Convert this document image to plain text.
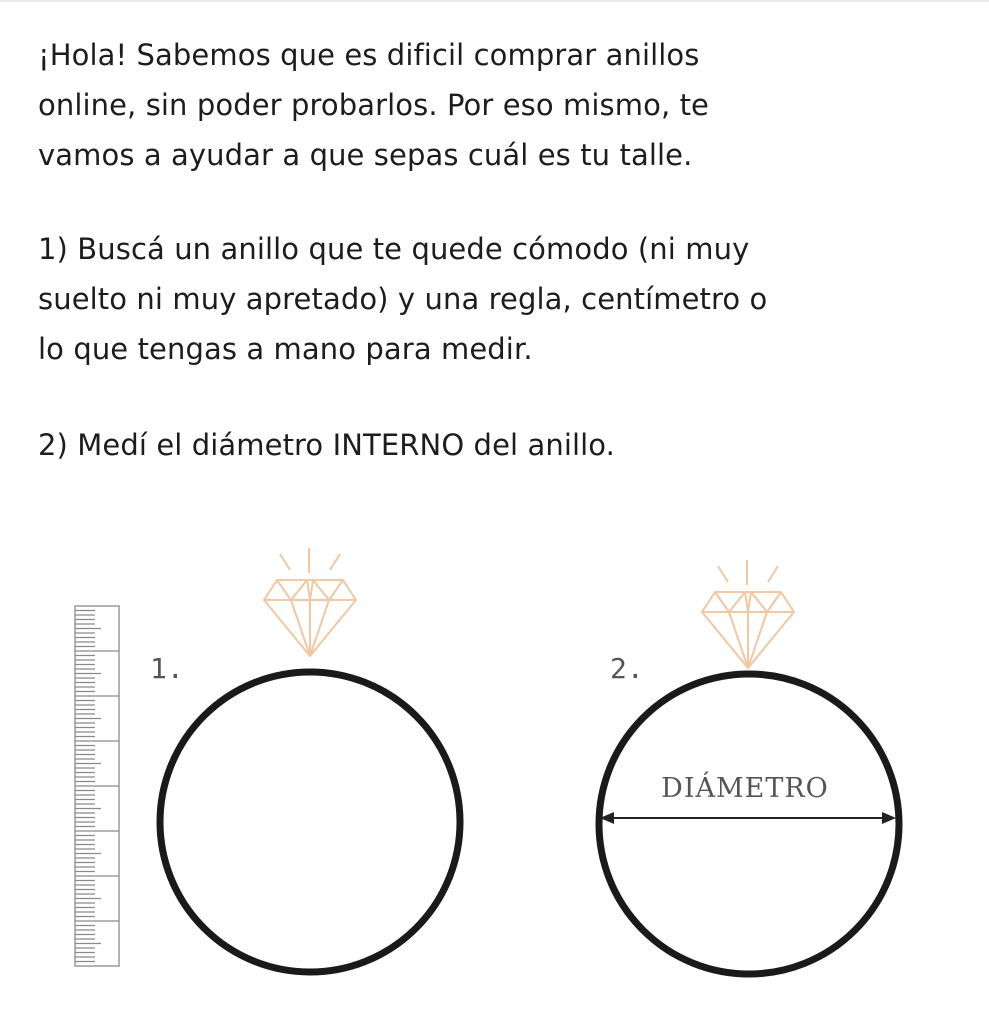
¡Hola! Sabemos que es dificil comprar anillos
online, sin poder probarlos. Por eso mismo, te
vamos a ayudar a que sepas cuál es tu talle.

1) Buscá un anillo que te quede cómodo (ni muy
suelto ni muy apretado) y una regla, centímetro o
lo que tengas a mano para medir.

2) Medí el diámetro INTERNO del anillo.

1.	2.
DIÁMETRO
